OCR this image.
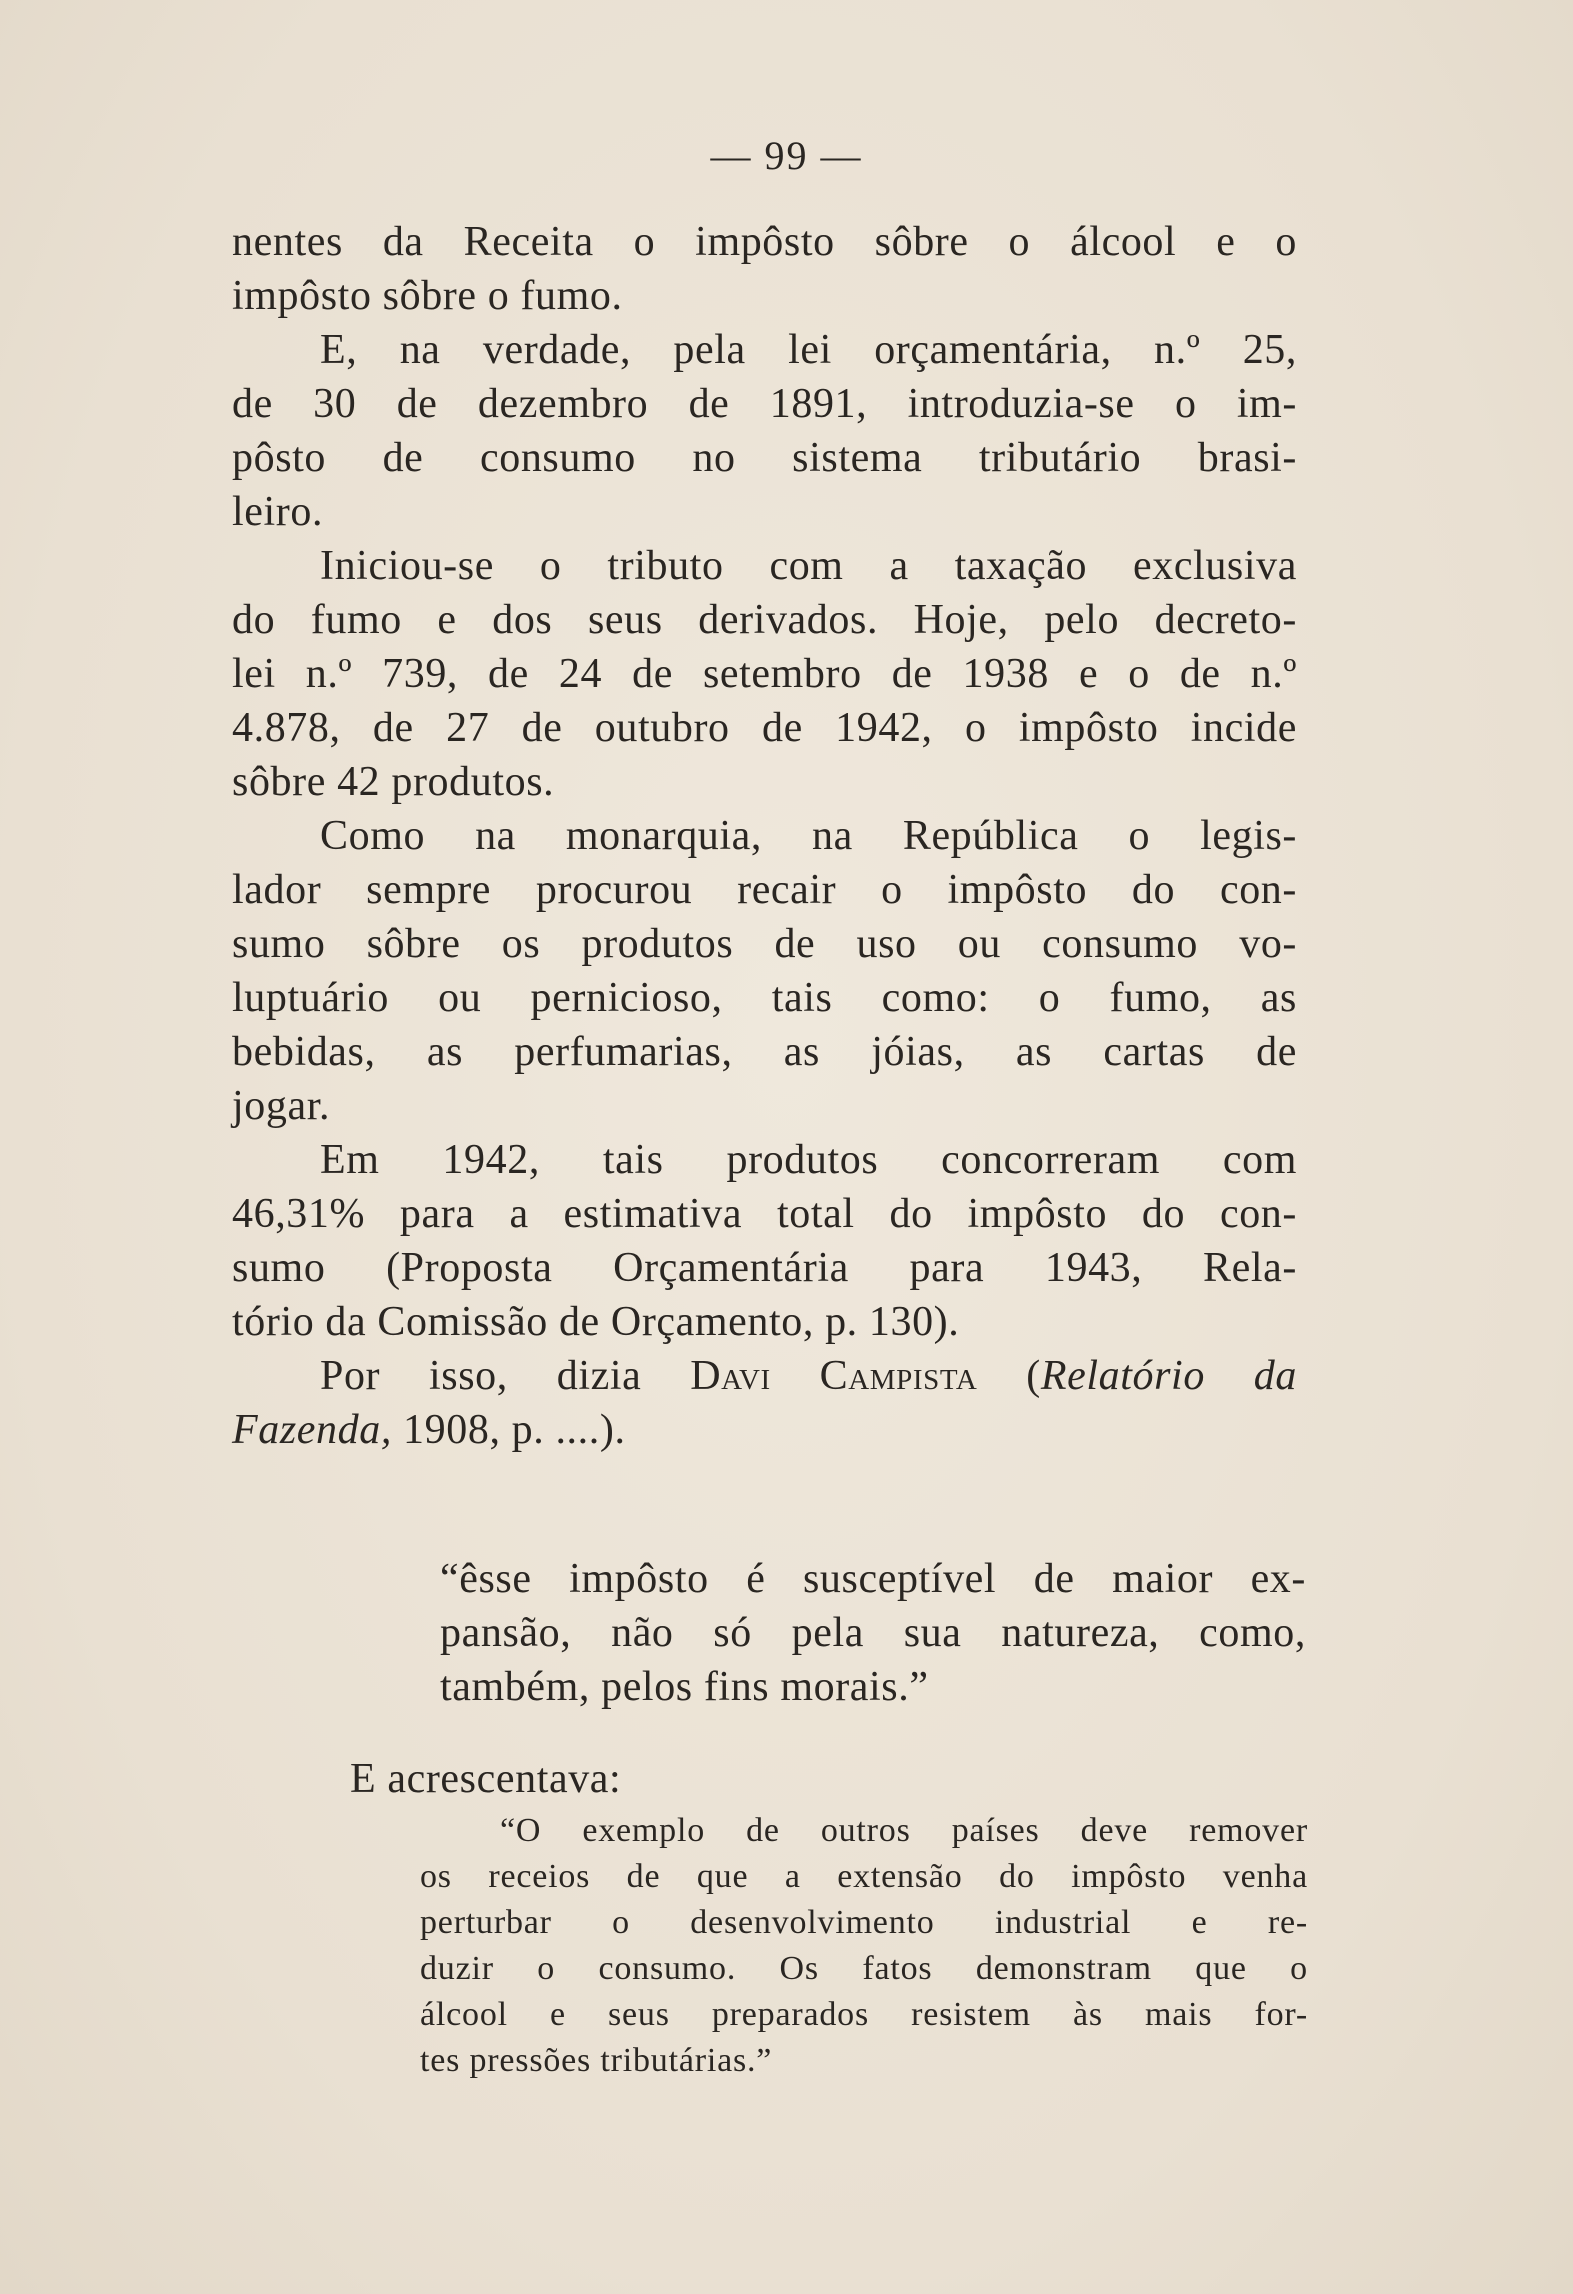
— 99 —
nentes da Receita o impôsto sôbre o álcool e o
impôsto sôbre o fumo.
E, na verdade, pela lei orçamentária, n.º 25,
de 30 de dezembro de 1891, introduzia-se o im-
pôsto de consumo no sistema tributário brasi-
leiro.
Iniciou-se o tributo com a taxação exclusiva
do fumo e dos seus derivados. Hoje, pelo decreto-
lei n.º 739, de 24 de setembro de 1938 e o de n.º
4.878, de 27 de outubro de 1942, o impôsto incide
sôbre 42 produtos.
Como na monarquia, na República o legis-
lador sempre procurou recair o impôsto do con-
sumo sôbre os produtos de uso ou consumo vo-
luptuário ou pernicioso, tais como: o fumo, as
bebidas, as perfumarias, as jóias, as cartas de
jogar.
Em 1942, tais produtos concorreram com
46,31% para a estimativa total do impôsto do con-
sumo (Proposta Orçamentária para 1943, Rela-
tório da Comissão de Orçamento, p. 130).
Por isso, dizia Davi Campista (Relatório da
Fazenda, 1908, p. ....).
“êsse impôsto é susceptível de maior ex-
pansão, não só pela sua natureza, como,
também, pelos fins morais.”
E acrescentava:
“O exemplo de outros países deve remover
os receios de que a extensão do impôsto venha
perturbar o desenvolvimento industrial e re-
duzir o consumo. Os fatos demonstram que o
álcool e seus preparados resistem às mais for-
tes pressões tributárias.”
